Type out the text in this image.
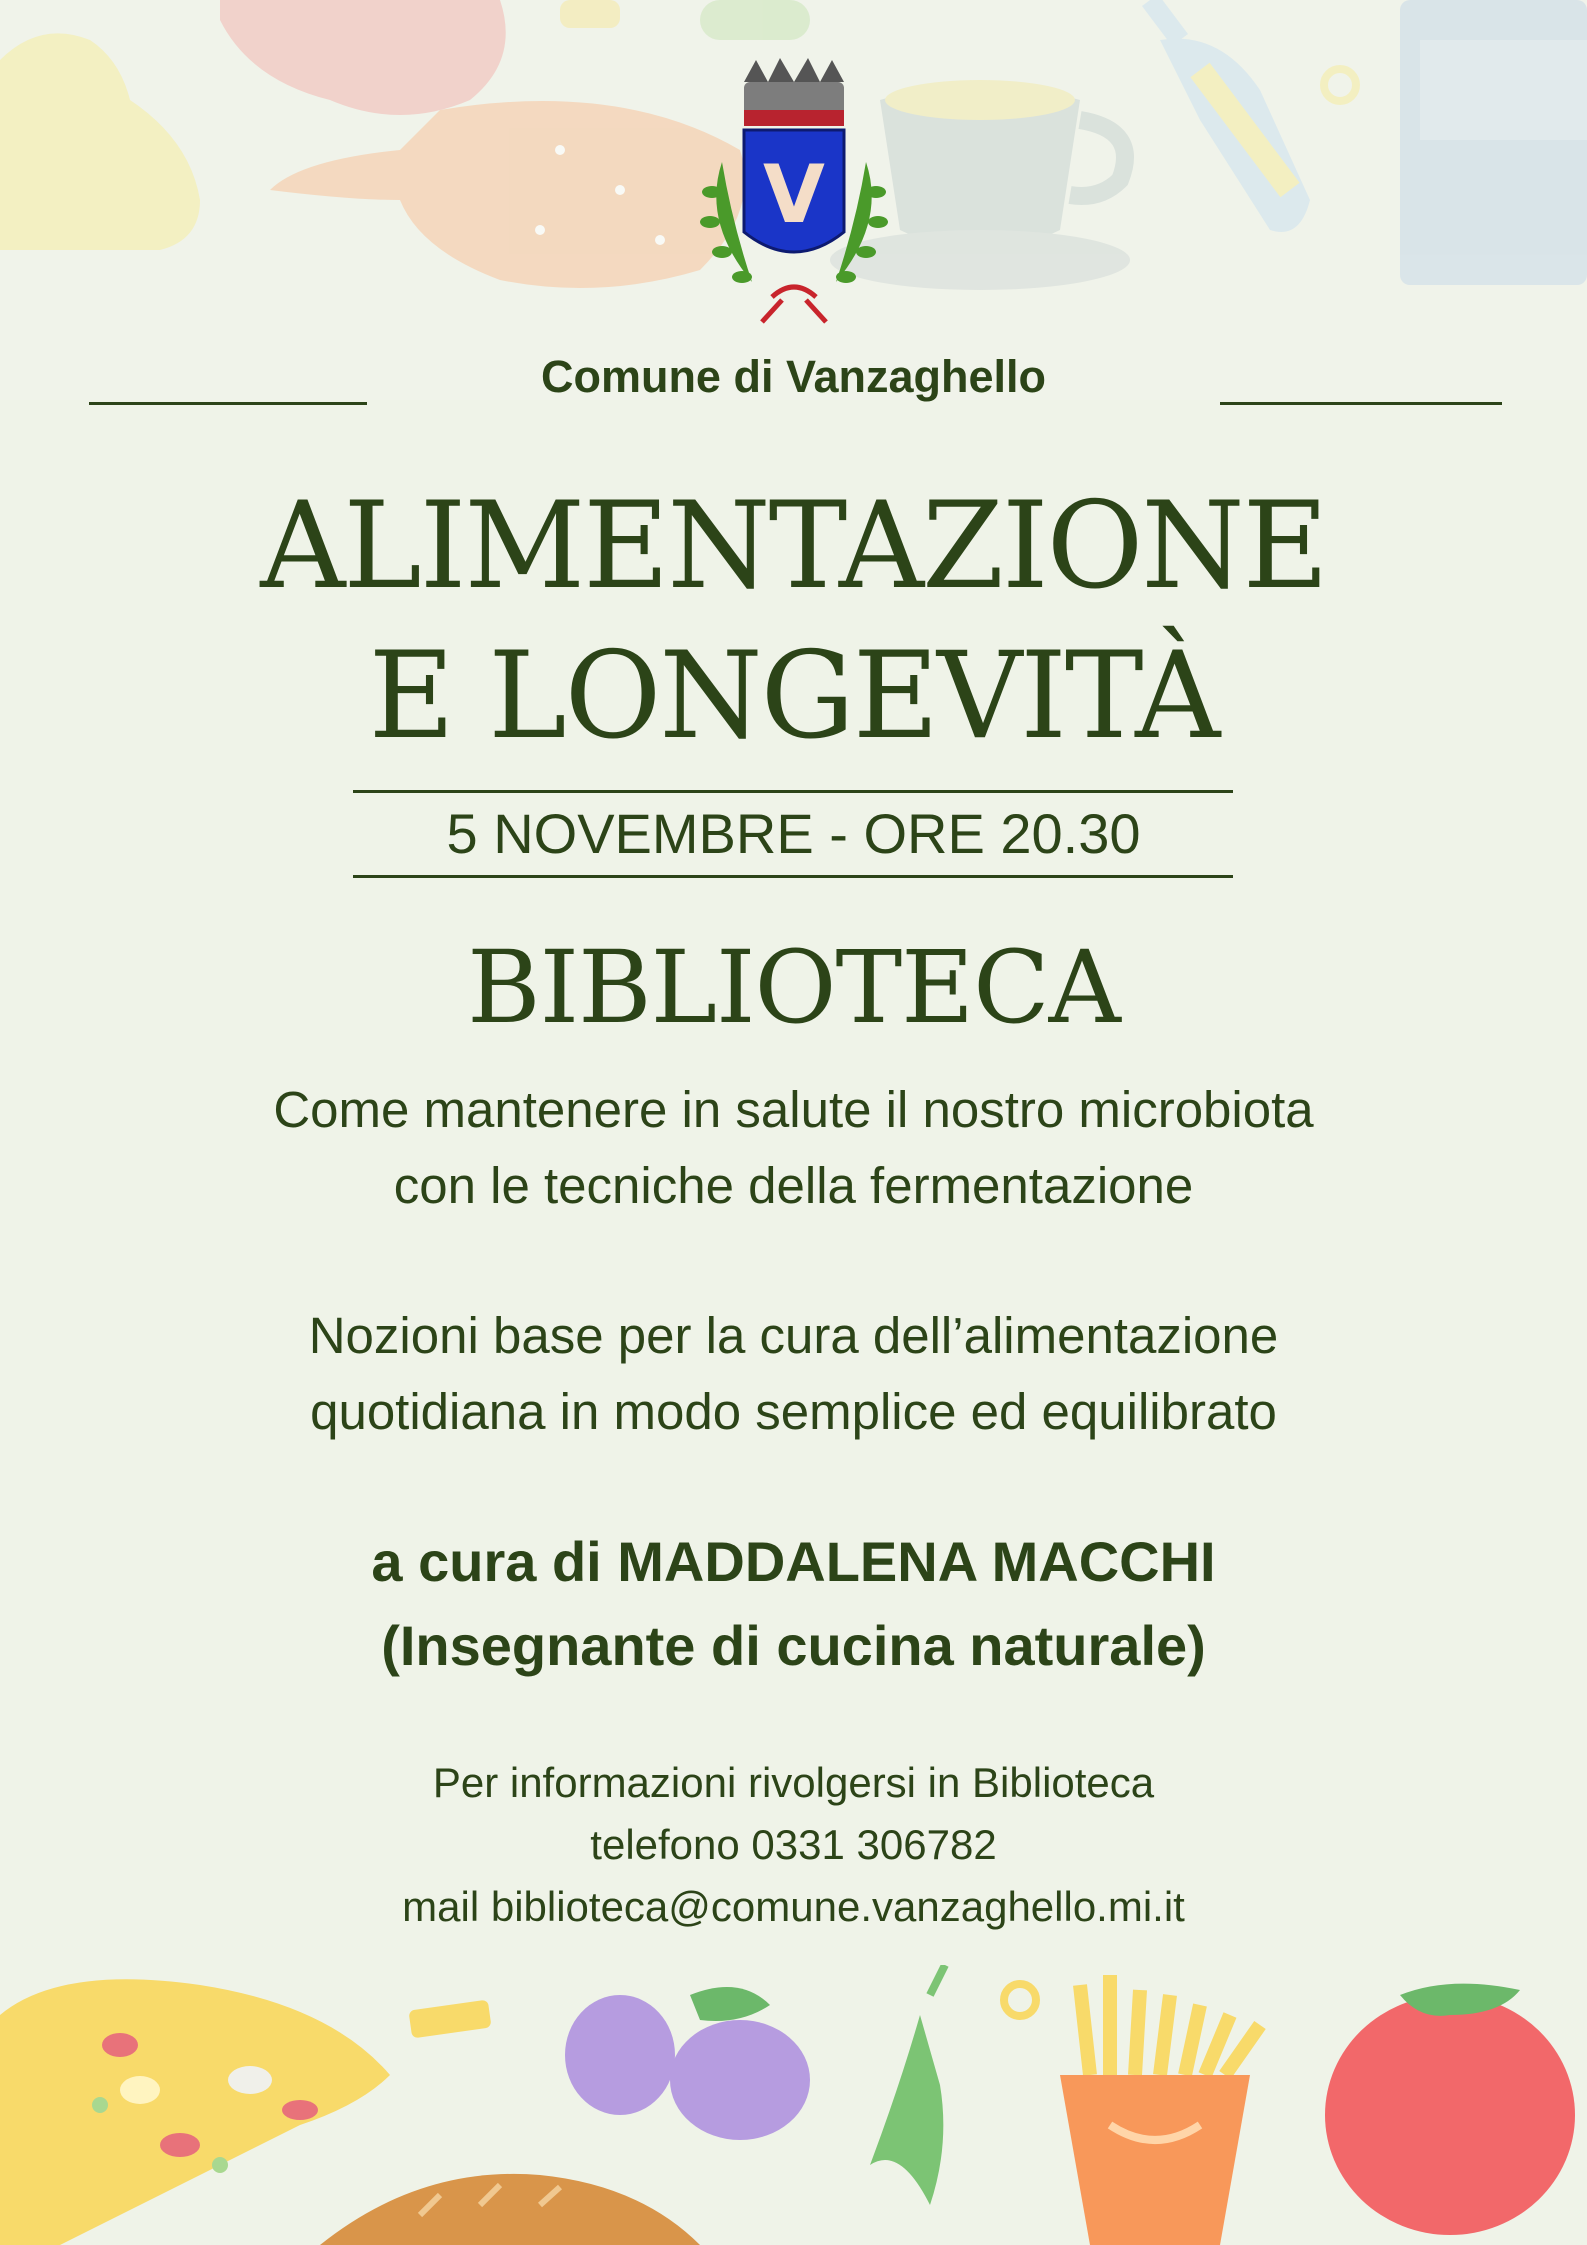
V
Comune di Vanzaghello
ALIMENTAZIONE
E LONGEVITÀ
5 NOVEMBRE - ORE 20.30
BIBLIOTECA
Come mantenere in salute il nostro microbiota
con le tecniche della fermentazione
Nozioni base per la cura dell’alimentazione
quotidiana in modo semplice ed equilibrato
a cura di MADDALENA MACCHI
(Insegnante di cucina naturale)
Per informazioni rivolgersi in Biblioteca
telefono 0331 306782
mail biblioteca@comune.vanzaghello.mi.it
